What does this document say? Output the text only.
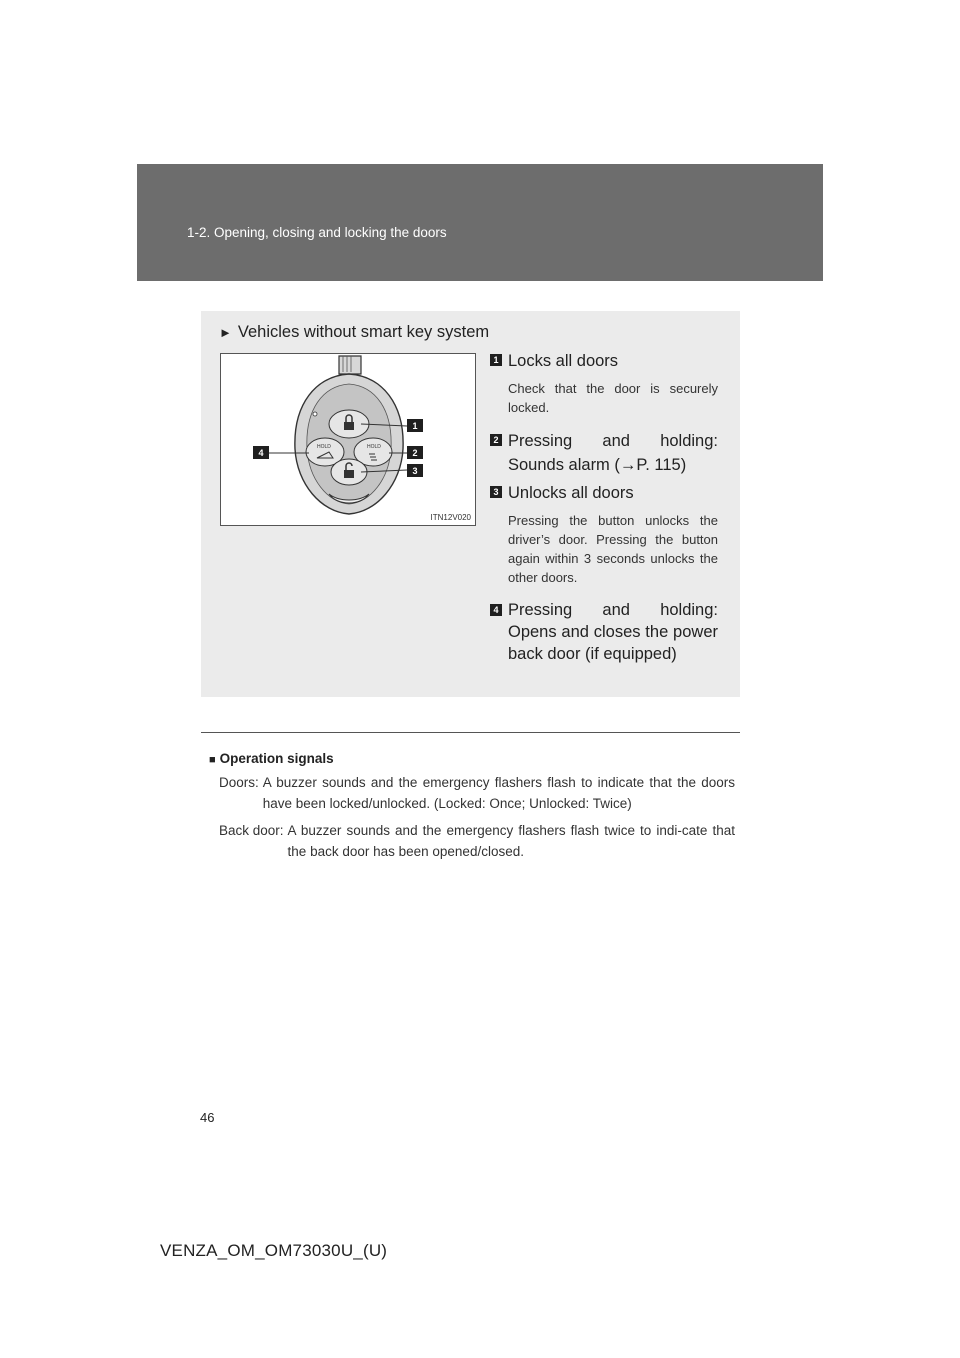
1-2. Opening, closing and locking the doors
► Vehicles without smart key system
HOLD	HOLD
1
2
3
4
ITN12V020
1 Locks all doors
Check that the door is securely locked.
2 Pressing and holding: Sounds alarm (→P. 115)
3 Unlocks all doors
Pressing the button unlocks the driver’s door. Pressing the button again within 3 seconds unlocks the other doors.
4 Pressing and holding: Opens and closes the power back door (if equipped)
■ Operation signals
Doors: A buzzer sounds and the emergency flashers flash to indicate that the doors have been locked/unlocked. (Locked: Once; Unlocked: Twice)
Back door: A buzzer sounds and the emergency flashers flash twice to indi-cate that the back door has been opened/closed.
46
VENZA_OM_OM73030U_(U)
